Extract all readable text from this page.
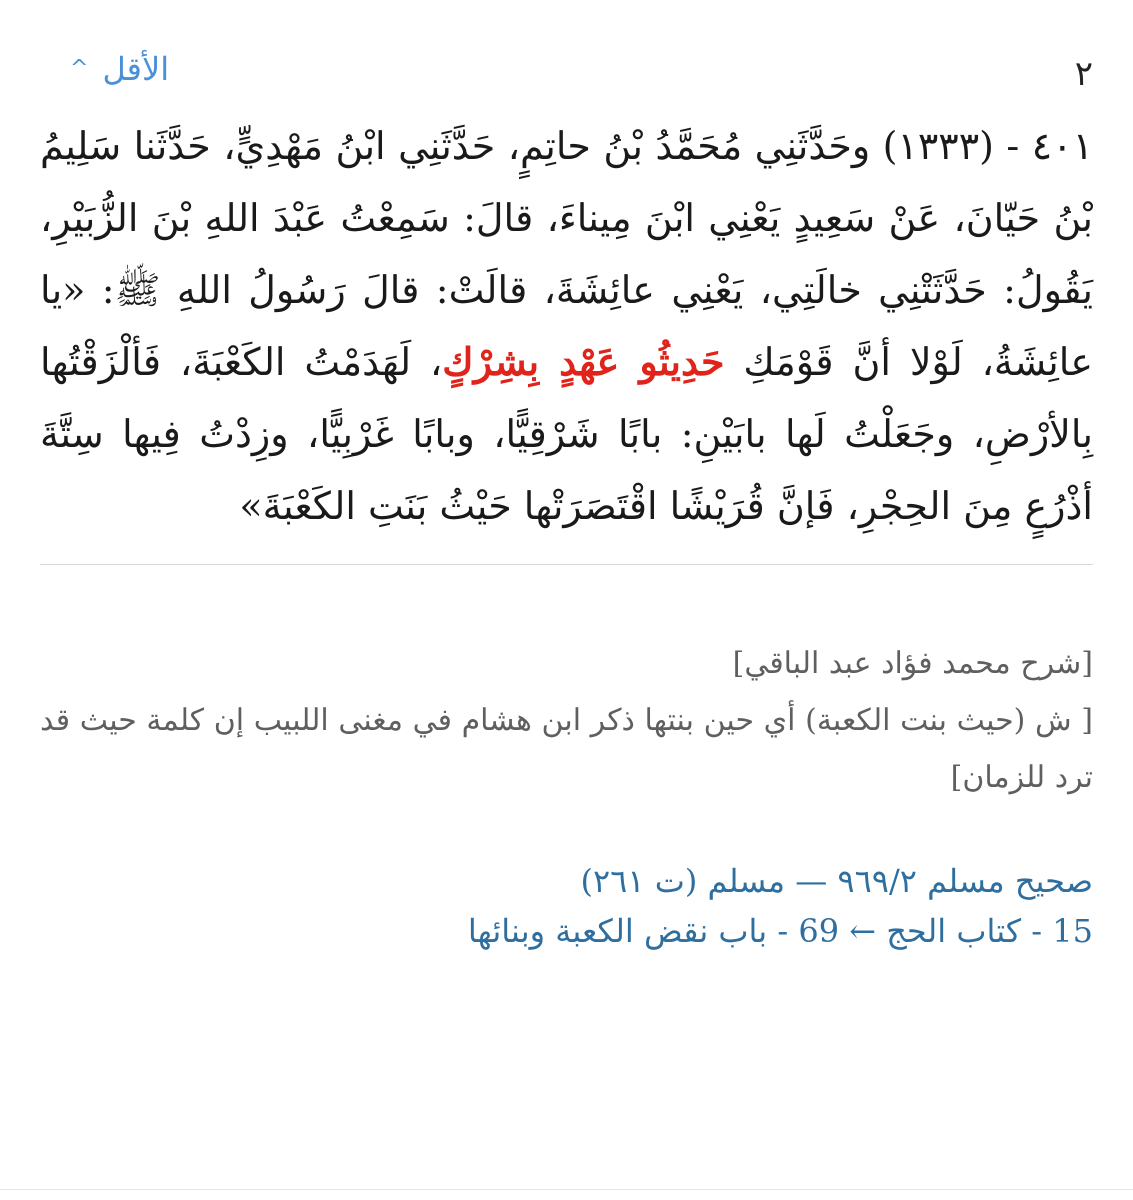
٢
الأقل
^

٤٠١ - (١٣٣٣) وحَدَّثَنِي مُحَمَّدُ بْنُ حاتِمٍ، حَدَّثَنِي ابْنُ مَهْدِيٍّ، حَدَّثَنا سَلِيمُ بْنُ حَيّانَ، عَنْ سَعِيدٍ يَعْنِي ابْنَ مِيناءَ، قالَ: سَمِعْتُ عَبْدَ اللهِ بْنَ الزُّبَيْرِ، يَقُولُ: حَدَّثَتْنِي خالَتِي، يَعْنِي عائِشَةَ، قالَتْ: قالَ رَسُولُ اللهِ ﷺ: «يا عائِشَةُ، لَوْلا أنَّ قَوْمَكِ حَدِيثُو عَهْدٍ بِشِرْكٍ، لَهَدَمْتُ الكَعْبَةَ، فَألْزَقْتُها بِالأرْضِ، وجَعَلْتُ لَها بابَيْنِ: بابًا شَرْقِيًّا، وبابًا غَرْبِيًّا، وزِدْتُ فِيها سِتَّةَ أذْرُعٍ مِنَ الحِجْرِ، فَإنَّ قُرَيْشًا اقْتَصَرَتْها حَيْثُ بَنَتِ الكَعْبَةَ»

[شرح محمد فؤاد عبد الباقي]
[ ش (حيث بنت الكعبة) أي حين بنتها ذكر ابن هشام في مغنى اللبيب إن كلمة حيث قد ترد للزمان]

صحيح مسلم ٩٦٩/٢ — مسلم (ت ٢٦١)
15 - كتاب الحج ← 69 - باب نقض الكعبة وبنائها
